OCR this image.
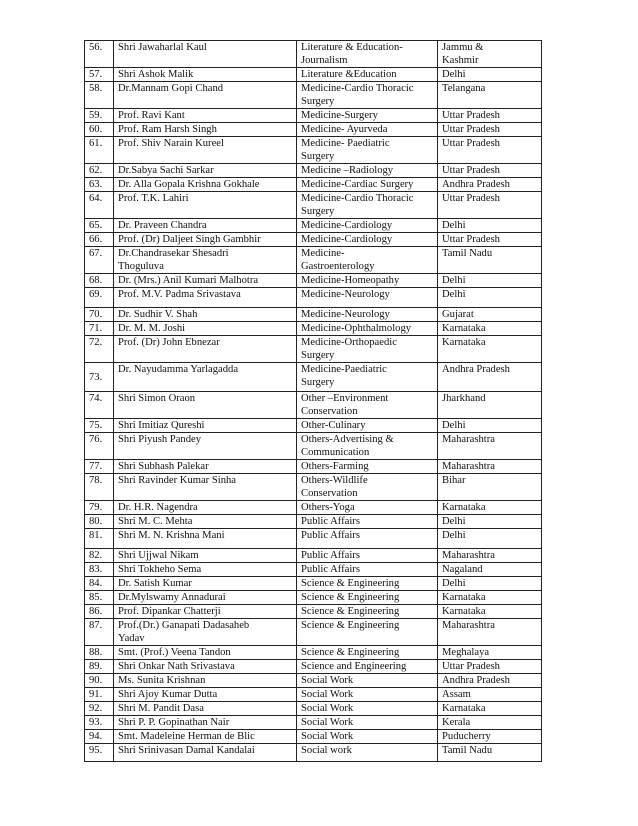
56.	Shri Jawaharlal Kaul	Literature & Education-
Journalism	Jammu &
Kashmir
57.	Shri Ashok Malik	Literature &Education	Delhi
58.	Dr.Mannam Gopi Chand	Medicine-Cardio Thoracic
Surgery	Telangana
59.	Prof. Ravi Kant	Medicine-Surgery	Uttar Pradesh
60.	Prof. Ram Harsh Singh	Medicine- Ayurveda	Uttar Pradesh
61.	Prof. Shiv Narain Kureel	Medicine- Paediatric
Surgery	Uttar Pradesh
62.	Dr.Sabya Sachi Sarkar	Medicine –Radiology	Uttar Pradesh
63.	Dr. Alla Gopala Krishna Gokhale	Medicine-Cardiac Surgery	Andhra Pradesh
64.	Prof. T.K. Lahiri	Medicine-Cardio Thoracic
Surgery	Uttar Pradesh
65.	Dr. Praveen Chandra	Medicine-Cardiology	Delhi
66.	Prof. (Dr) Daljeet Singh Gambhir	Medicine-Cardiology	Uttar Pradesh
67.	Dr.Chandrasekar Shesadri
Thoguluva	Medicine-
Gastroenterology	Tamil Nadu
68.	Dr. (Mrs.) Anil Kumari Malhotra	Medicine-Homeopathy	Delhi
69.	Prof. M.V. Padma Srivastava	Medicine-Neurology	Delhi
70.	Dr. Sudhir V. Shah	Medicine-Neurology	Gujarat
71.	Dr. M. M. Joshi	Medicine-Ophthalmology	Karnataka
72.	Prof. (Dr) John Ebnezar	Medicine-Orthopaedic
Surgery	Karnataka
73.	Dr. Nayudamma Yarlagadda	Medicine-Paediatric
Surgery	Andhra Pradesh
74.	Shri Simon Oraon	Other –Environment
Conservation	Jharkhand
75.	Shri Imitiaz Qureshi	Other-Culinary	Delhi
76.	Shri Piyush Pandey	Others-Advertising &
Communication	Maharashtra
77.	Shri Subhash Palekar	Others-Farming	Maharashtra
78.	Shri Ravinder Kumar Sinha	Others-Wildlife
Conservation	Bihar
79.	Dr. H.R. Nagendra	Others-Yoga	Karnataka
80.	Shri M. C. Mehta	Public Affairs	Delhi
81.	Shri M. N. Krishna Mani	Public Affairs	Delhi
82.	Shri Ujjwal Nikam	Public Affairs	Maharashtra
83.	Shri Tokheho Sema	Public Affairs	Nagaland
84.	Dr. Satish Kumar	Science & Engineering	Delhi
85.	Dr.Mylswamy Annadurai	Science & Engineering	Karnataka
86.	Prof. Dipankar Chatterji	Science & Engineering	Karnataka
87.	Prof.(Dr.) Ganapati Dadasaheb
Yadav	Science & Engineering	Maharashtra
88.	Smt. (Prof.) Veena Tandon	Science & Engineering	Meghalaya
89.	Shri Onkar Nath Srivastava	Science and Engineering	Uttar Pradesh
90.	Ms. Sunita Krishnan	Social Work	Andhra Pradesh
91.	Shri Ajoy Kumar Dutta	Social Work	Assam
92.	Shri M. Pandit Dasa	Social Work	Karnataka
93.	Shri P. P. Gopinathan Nair	Social Work	Kerala
94.	Smt. Madeleine Herman de Blic	Social Work	Puducherry
95.	Shri Srinivasan Damal Kandalai	Social work	Tamil Nadu
